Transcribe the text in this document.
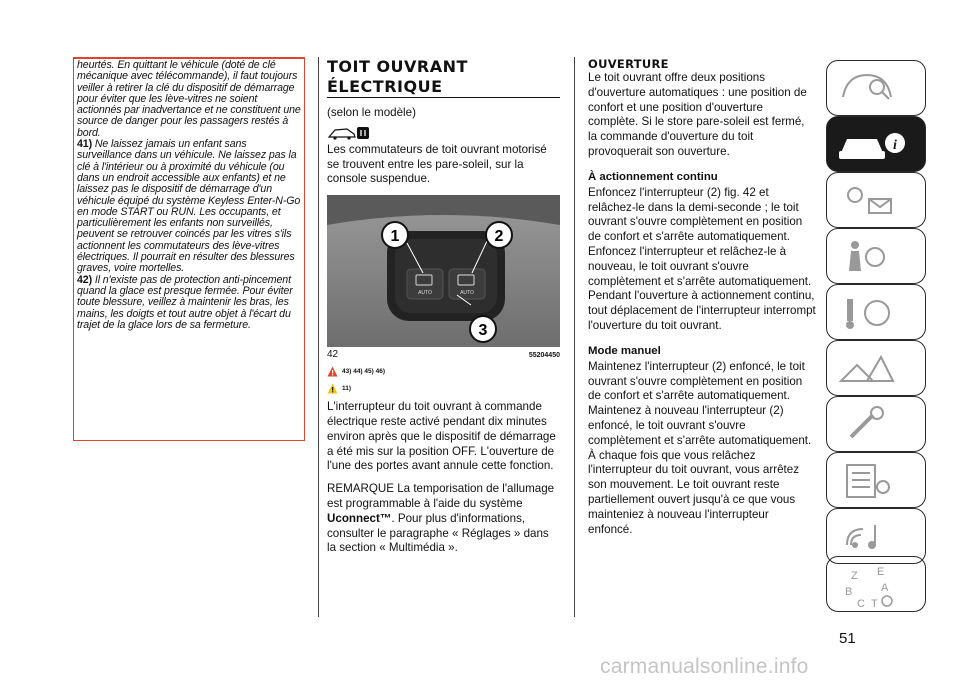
heurtés. En quittant le véhicule (doté de clé mécanique avec télécommande), il faut toujours veiller à retirer la clé du dispositif de démarrage pour éviter que les lève-vitres ne soient actionnés par inadvertance et ne constituent une source de danger pour les passagers restés à bord.

41) Ne laissez jamais un enfant sans surveillance dans un véhicule. Ne laissez pas la clé à l'intérieur ou à proximité du véhicule (ou dans un endroit accessible aux enfants) et ne laissez pas le dispositif de démarrage d'un véhicule équipé du système Keyless Enter-N-Go en mode START ou RUN. Les occupants, et particulièrement les enfants non surveillés, peuvent se retrouver coincés par les vitres s'ils actionnent les commutateurs des lève-vitres électriques. Il pourrait en résulter des blessures graves, voire mortelles.

42) Il n'existe pas de protection anti-pincement quand la glace est presque fermée. Pour éviter toute blessure, veillez à maintenir les bras, les mains, les doigts et tout autre objet à l'écart du trajet de la glace lors de sa fermeture.

TOIT OUVRANT
ÉLECTRIQUE

(selon le modèle)

Les commutateurs de toit ouvrant motorisé se trouvent entre les pare-soleil, sur la console suspendue.

AUTO	AUTO
1	2
3
42	55204450
43) 44) 45) 46)
11)

L'interrupteur du toit ouvrant à commande électrique reste activé pendant dix minutes environ après que le dispositif de démarrage a été mis sur la position OFF. L'ouverture de l'une des portes avant annule cette fonction.

REMARQUE La temporisation de l'allumage est programmable à l'aide du système Uconnect™. Pour plus d'informations, consulter le paragraphe « Réglages » dans la section « Multimédia ».

OUVERTURE

Le toit ouvrant offre deux positions d'ouverture automatiques : une position de confort et une position d'ouverture complète. Si le store pare-soleil est fermé, la commande d'ouverture du toit provoquerait son ouverture.

À actionnement continu

Enfoncez l'interrupteur (2) fig. 42 et relâchez-le dans la demi-seconde ; le toit ouvrant s'ouvre complètement en position de confort et s'arrête automatiquement. Enfoncez l'interrupteur et relâchez-le à nouveau, le toit ouvrant s'ouvre complètement et s'arrête automatiquement. Pendant l'ouverture à actionnement continu, tout déplacement de l'interrupteur interrompt l'ouverture du toit ouvrant.

Mode manuel

Maintenez l'interrupteur (2) enfoncé, le toit ouvrant s'ouvre complètement en position de confort et s'arrête automatiquement. Maintenez à nouveau l'interrupteur (2) enfoncé, le toit ouvrant s'ouvre complètement et s'arrête automatiquement. À chaque fois que vous relâchez l'interrupteur du toit ouvrant, vous arrêtez son mouvement. Le toit ouvrant reste partiellement ouvert jusqu'à ce que vous mainteniez à nouveau l'interrupteur enfoncé.

i
Z E
B	A
C T
51
carmanualsonline.info
